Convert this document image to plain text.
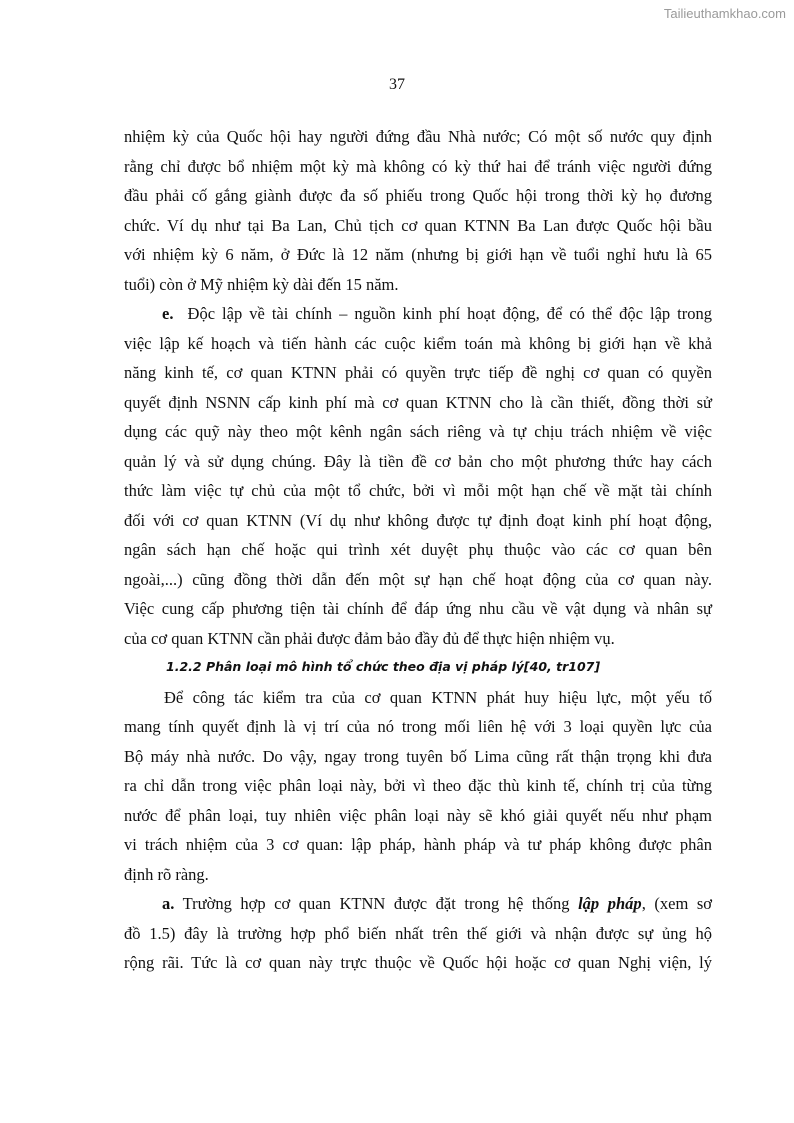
Tailieuthamkhao.com
37
nhiệm kỳ của Quốc hội hay người đứng đầu Nhà nước; Có một số nước quy định
rằng chỉ được bổ nhiệm một kỳ mà không có kỳ thứ hai để tránh việc người đứng
đầu phải cố gắng giành được đa số phiếu trong Quốc hội trong thời kỳ họ đương
chức. Ví dụ như tại Ba Lan, Chủ tịch cơ quan KTNN Ba Lan được Quốc hội bầu
với nhiệm kỳ 6 năm, ở Đức là 12 năm (nhưng bị giới hạn về tuổi nghỉ hưu là 65
tuổi) còn ở Mỹ nhiệm kỳ dài đến 15 năm.
e. Độc lập về tài chính – nguồn kinh phí hoạt động, để có thể độc lập trong
việc lập kế hoạch và tiến hành các cuộc kiểm toán mà không bị giới hạn về khả
năng kinh tế, cơ quan KTNN phải có quyền trực tiếp đề nghị cơ quan có quyền
quyết định NSNN cấp kinh phí mà cơ quan KTNN cho là cần thiết, đồng thời sử
dụng các quỹ này theo một kênh ngân sách riêng và tự chịu trách nhiệm về việc
quản lý và sử dụng chúng. Đây là tiền đề cơ bản cho một phương thức hay cách
thức làm việc tự chủ của một tổ chức, bởi vì mỗi một hạn chế về mặt tài chính
đối với cơ quan KTNN (Ví dụ như không được tự định đoạt kinh phí hoạt động,
ngân sách hạn chế hoặc qui trình xét duyệt phụ thuộc vào các cơ quan bên
ngoài,...) cũng đồng thời dẫn đến một sự hạn chế hoạt động của cơ quan này.
Việc cung cấp phương tiện tài chính để đáp ứng nhu cầu về vật dụng và nhân sự
của cơ quan KTNN cần phải được đảm bảo đầy đủ để thực hiện nhiệm vụ.
1.2.2 Phân loại mô hình tổ chức theo địa vị pháp lý[40, tr107]
Để công tác kiểm tra của cơ quan KTNN phát huy hiệu lực, một yếu tố
mang tính quyết định là vị trí của nó trong mối liên hệ với 3 loại quyền lực của
Bộ máy nhà nước. Do vậy, ngay trong tuyên bố Lima cũng rất thận trọng khi đưa
ra chỉ dẫn trong việc phân loại này, bởi vì theo đặc thù kinh tế, chính trị của từng
nước để phân loại, tuy nhiên việc phân loại này sẽ khó giải quyết nếu như phạm
vi trách nhiệm của 3 cơ quan: lập pháp, hành pháp và tư pháp không được phân
định rõ ràng.
a. Trường hợp cơ quan KTNN được đặt trong hệ thống lập pháp, (xem sơ
đồ 1.5) đây là trường hợp phổ biến nhất trên thế giới và nhận được sự ủng hộ
rộng rãi. Tức là cơ quan này trực thuộc về Quốc hội hoặc cơ quan Nghị viện, lý
